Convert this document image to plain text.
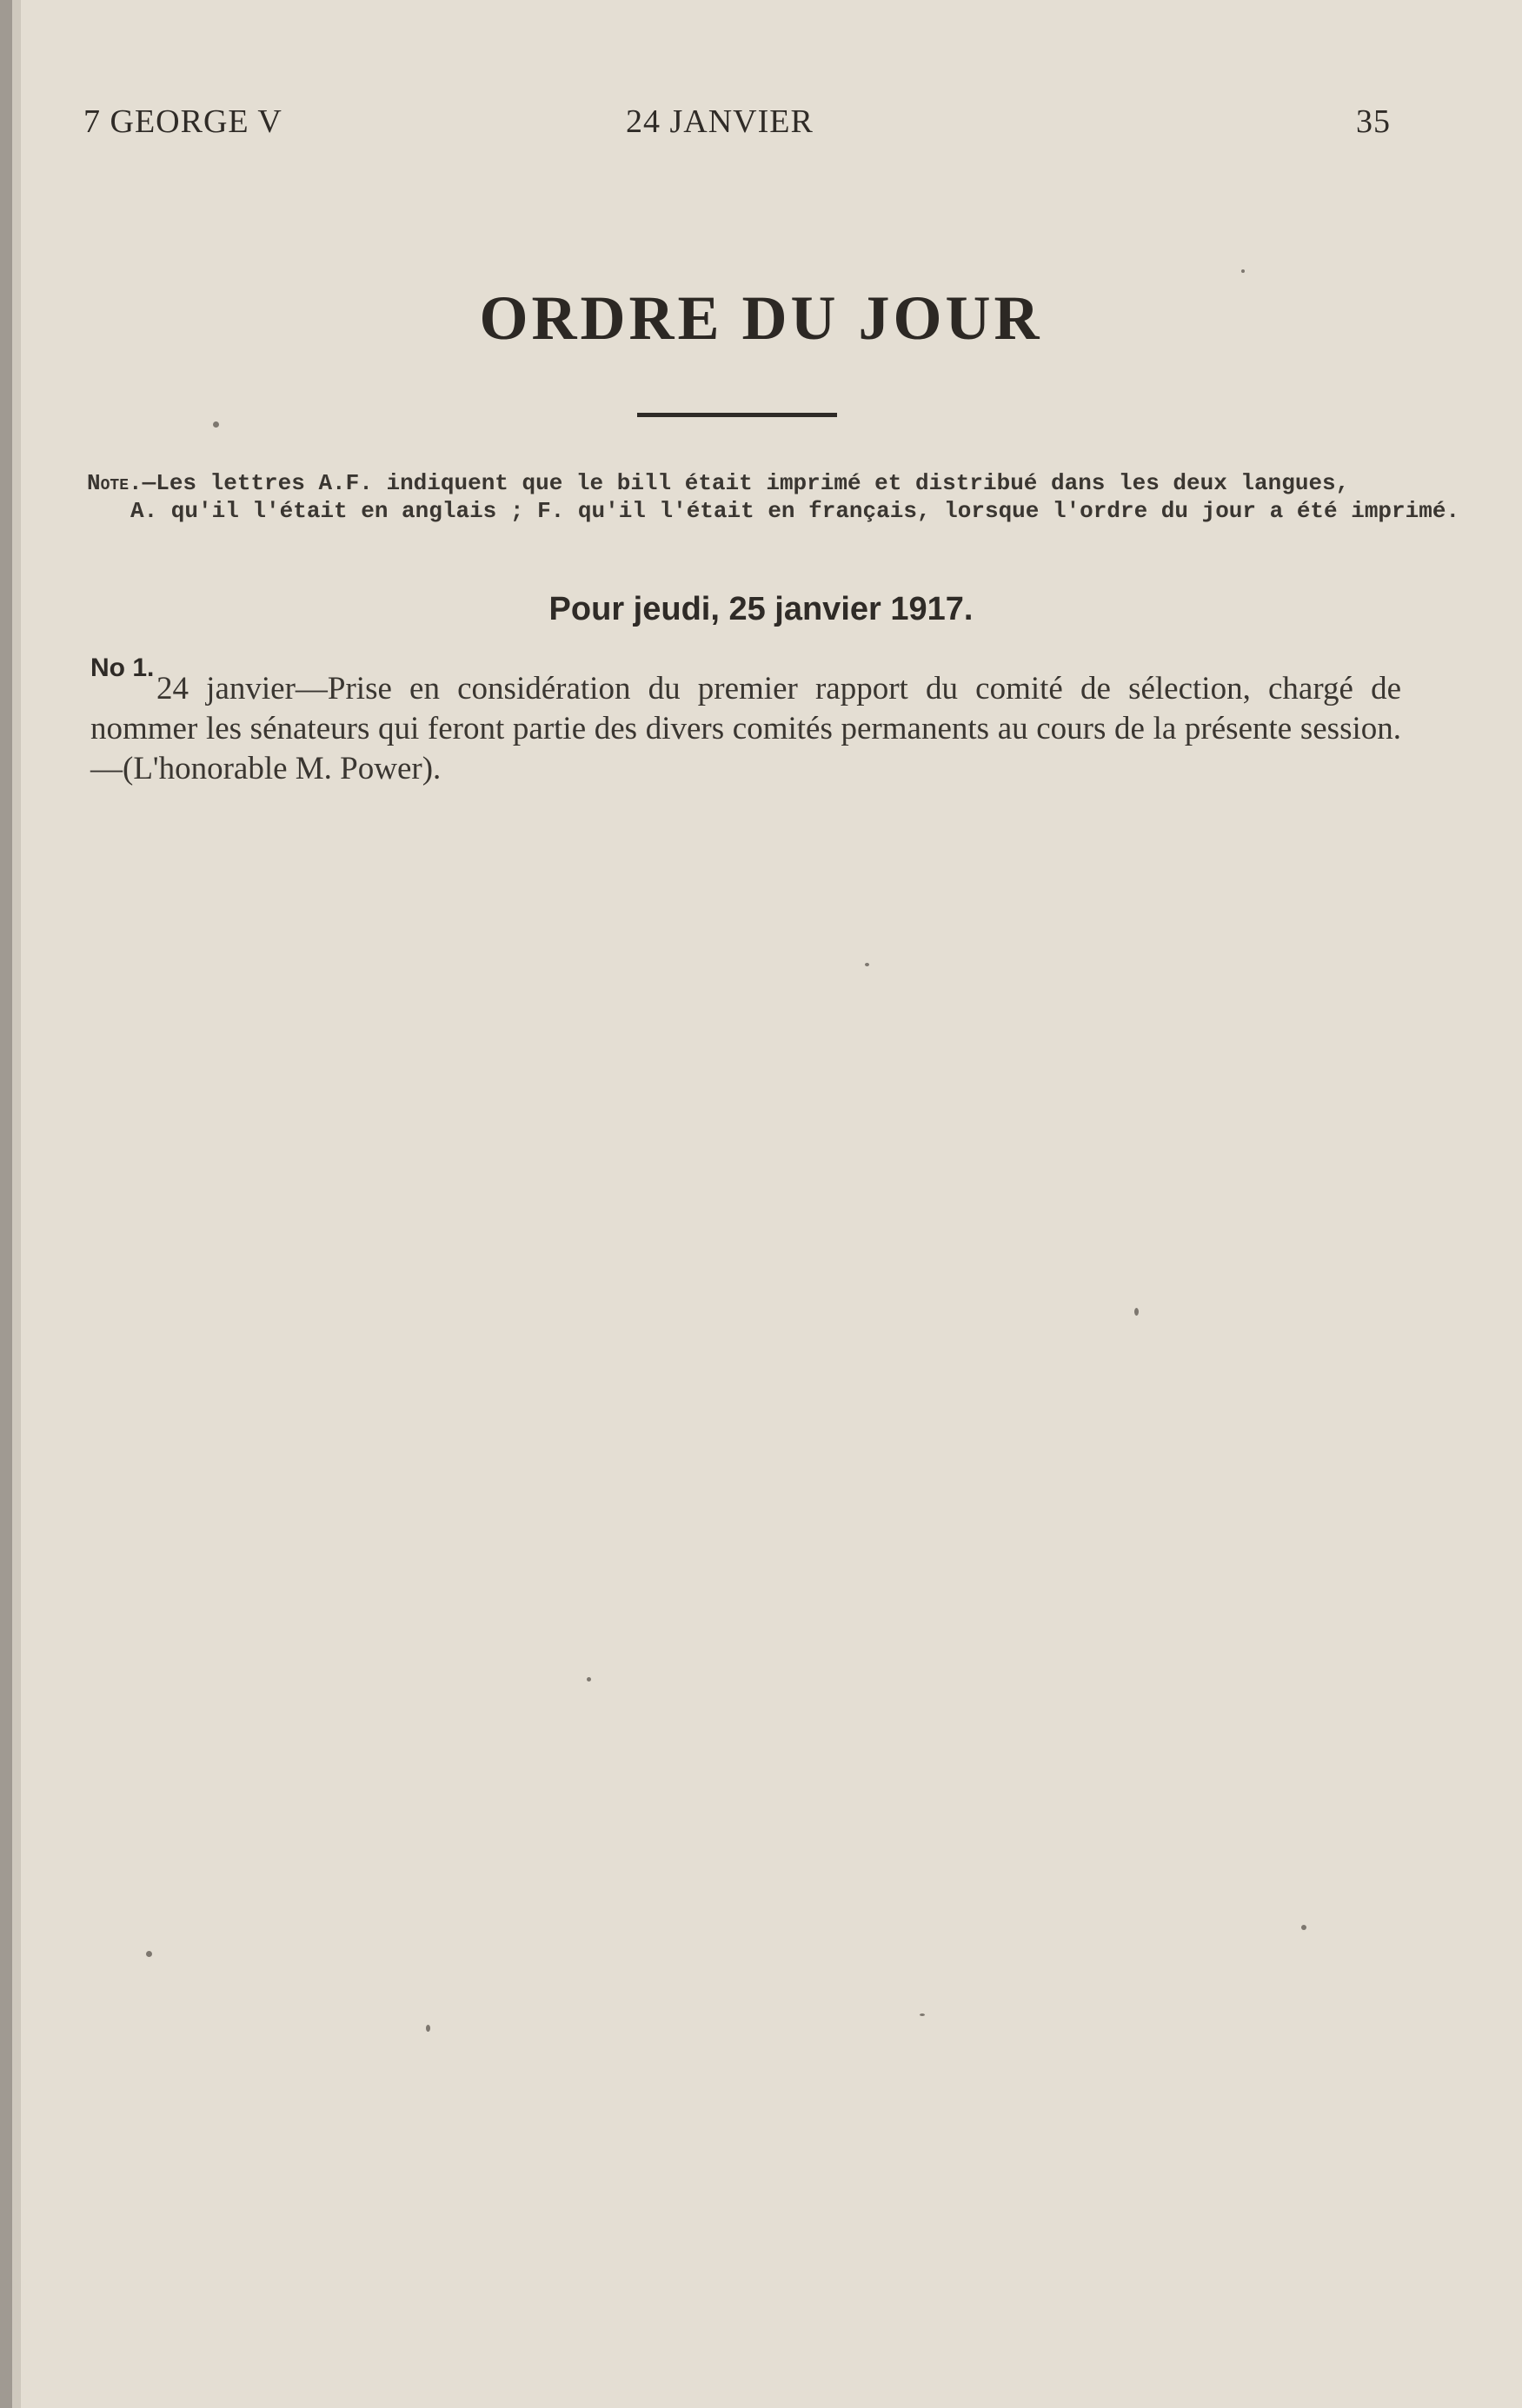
7 GEORGE V	24 JANVIER	35
ORDRE DU JOUR
Note.—Les lettres A.F. indiquent que le bill était imprimé et distribué dans les deux langues,
A. qu'il l'était en anglais ; F. qu'il l'était en français, lorsque l'ordre du jour a été imprimé.
Pour jeudi, 25 janvier 1917.
No 1.
24 janvier—Prise en considération du premier rapport du comité de sélection, chargé de nommer les sénateurs qui feront partie des divers comités permanents au cours de la présente session.—(L'honorable M. Power).
